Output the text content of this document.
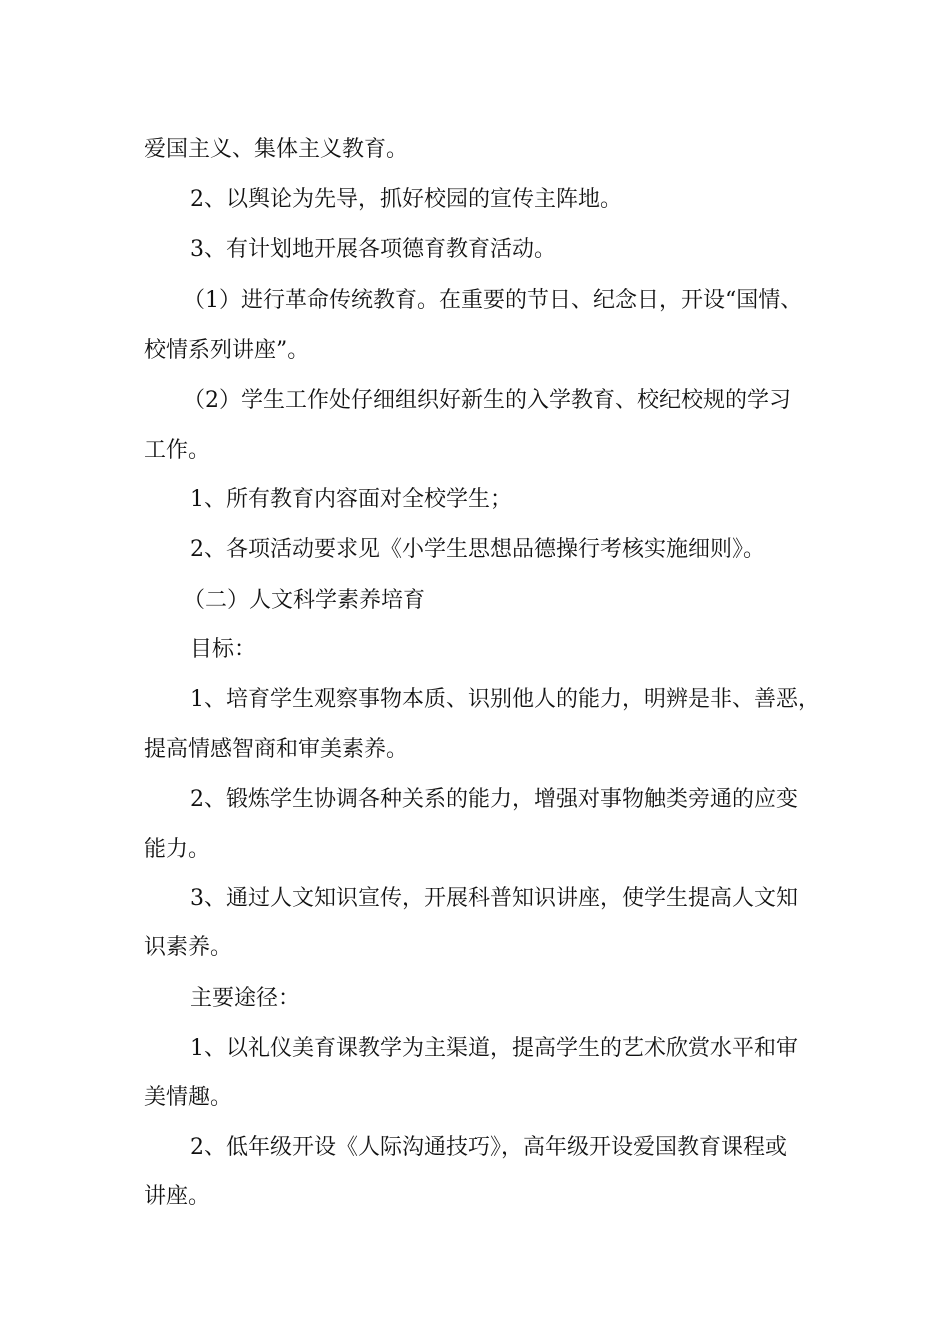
爱国主义、集体主义教育。
2、以舆论为先导，抓好校园的宣传主阵地。
3、有计划地开展各项德育教育活动。
（1）进行革命传统教育。在重要的节日、纪念日，开设“国情、
校情系列讲座”。
（2）学生工作处仔细组织好新生的入学教育、校纪校规的学习
工作。
1、所有教育内容面对全校学生；
2、各项活动要求见《小学生思想品德操行考核实施细则》。
（二）人文科学素养培育
目标：
1、培育学生观察事物本质、识别他人的能力，明辨是非、善恶，
提高情感智商和审美素养。
2、锻炼学生协调各种关系的能力，增强对事物触类旁通的应变
能力。
3、通过人文知识宣传，开展科普知识讲座，使学生提高人文知
识素养。
主要途径：
1、以礼仪美育课教学为主渠道，提高学生的艺术欣赏水平和审
美情趣。
2、低年级开设《人际沟通技巧》，高年级开设爱国教育课程或
讲座。
